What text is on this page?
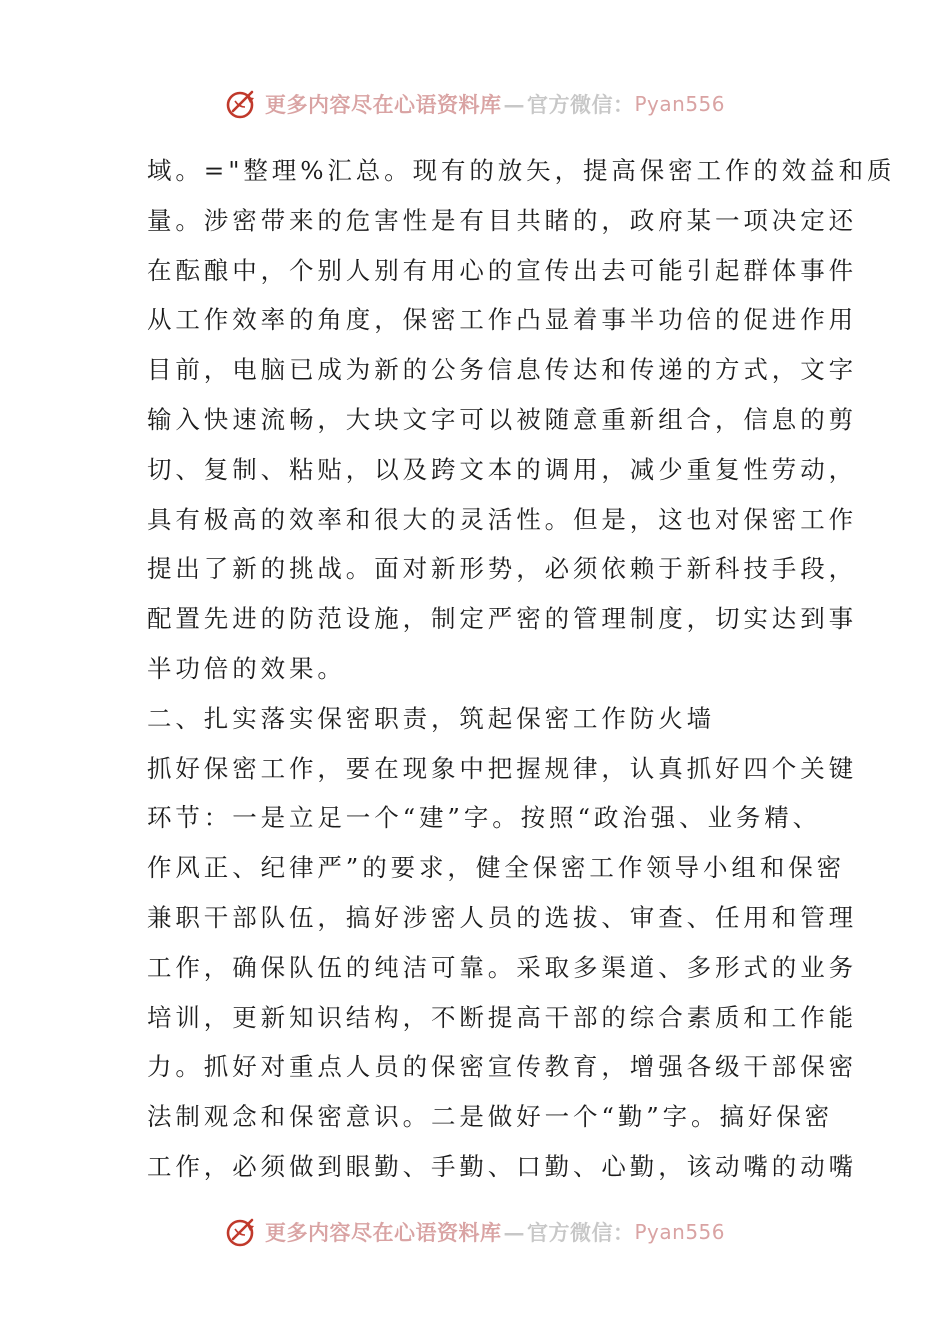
更多内容尽在心语资料库 — 官方微信： Pyan556
域。="整理%汇总。现有的放矢，提高保密工作的效益和质
量。涉密带来的危害性是有目共睹的，政府某一项决定还
在酝酿中，个别人别有用心的宣传出去可能引起群体事件
从工作效率的角度，保密工作凸显着事半功倍的促进作用
目前，电脑已成为新的公务信息传达和传递的方式，文字
输入快速流畅，大块文字可以被随意重新组合，信息的剪
切、复制、粘贴，以及跨文本的调用，减少重复性劳动，
具有极高的效率和很大的灵活性。但是，这也对保密工作
提出了新的挑战。面对新形势，必须依赖于新科技手段，
配置先进的防范设施，制定严密的管理制度，切实达到事
半功倍的效果。
二、扎实落实保密职责，筑起保密工作防火墙
抓好保密工作，要在现象中把握规律，认真抓好四个关键
环节：一是立足一个“建”字。按照“政治强、业务精、
作风正、纪律严”的要求，健全保密工作领导小组和保密
兼职干部队伍，搞好涉密人员的选拔、审查、任用和管理
工作，确保队伍的纯洁可靠。采取多渠道、多形式的业务
培训，更新知识结构，不断提高干部的综合素质和工作能
力。抓好对重点人员的保密宣传教育，增强各级干部保密
法制观念和保密意识。二是做好一个“勤”字。搞好保密
工作，必须做到眼勤、手勤、口勤、心勤，该动嘴的动嘴
更多内容尽在心语资料库 — 官方微信： Pyan556
